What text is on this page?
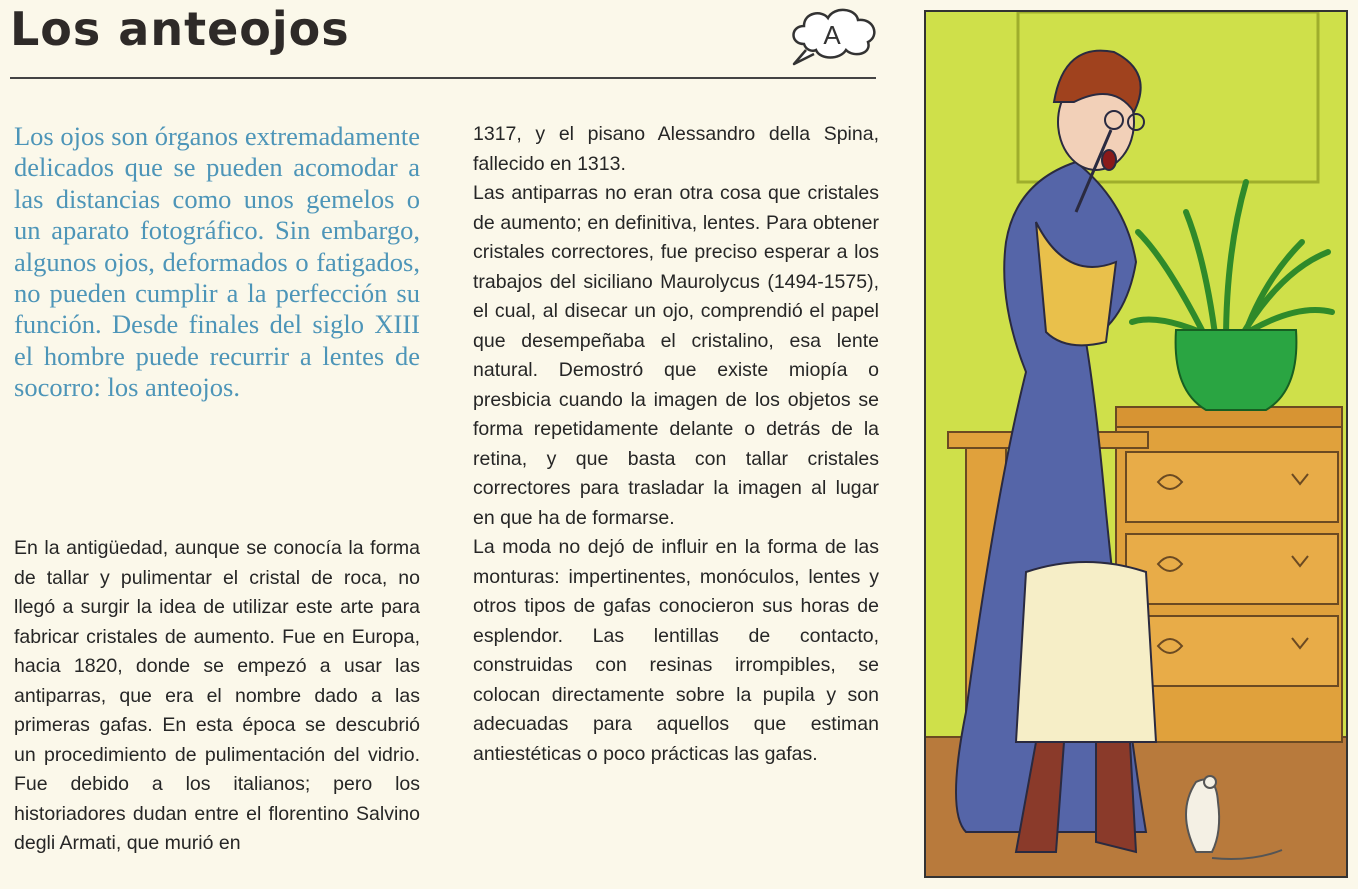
Los anteojos	A

Los ojos son órganos extremadamente delicados que se pueden acomodar a las distancias como unos gemelos o un aparato fotográfico. Sin embargo, algunos ojos, deformados o fatigados, no pueden cumplir a la perfección su función. Desde finales del siglo XIII el hombre puede recurrir a lentes de socorro: los anteojos.

En la antigüedad, aunque se conocía la forma de tallar y pulimentar el cristal de roca, no llegó a surgir la idea de utilizar este arte para fabricar cristales de aumento. Fue en Europa, hacia 1820, donde se empezó a usar las antiparras, que era el nombre dado a las primeras gafas. En esta época se descubrió un procedimiento de pulimentación del vidrio. Fue debido a los italianos; pero los historiadores dudan entre el florentino Salvino degli Armati, que murió en

1317, y el pisano Alessandro della Spina, fallecido en 1313.

Las antiparras no eran otra cosa que cristales de aumento; en definitiva, lentes. Para obtener cristales correctores, fue preciso esperar a los trabajos del siciliano Maurolycus (1494-1575), el cual, al disecar un ojo, comprendió el papel que desempeñaba el cristalino, esa lente natural. Demostró que existe miopía o presbicia cuando la imagen de los objetos se forma repetidamente delante o detrás de la retina, y que basta con tallar cristales correctores para trasladar la imagen al lugar en que ha de formarse.

La moda no dejó de influir en la forma de las monturas: impertinentes, monóculos, lentes y otros tipos de gafas conocieron sus horas de esplendor. Las lentillas de contacto, construidas con resinas irrompibles, se colocan directamente sobre la pupila y son adecuadas para aquellos que estiman antiestéticas o poco prácticas las gafas.
